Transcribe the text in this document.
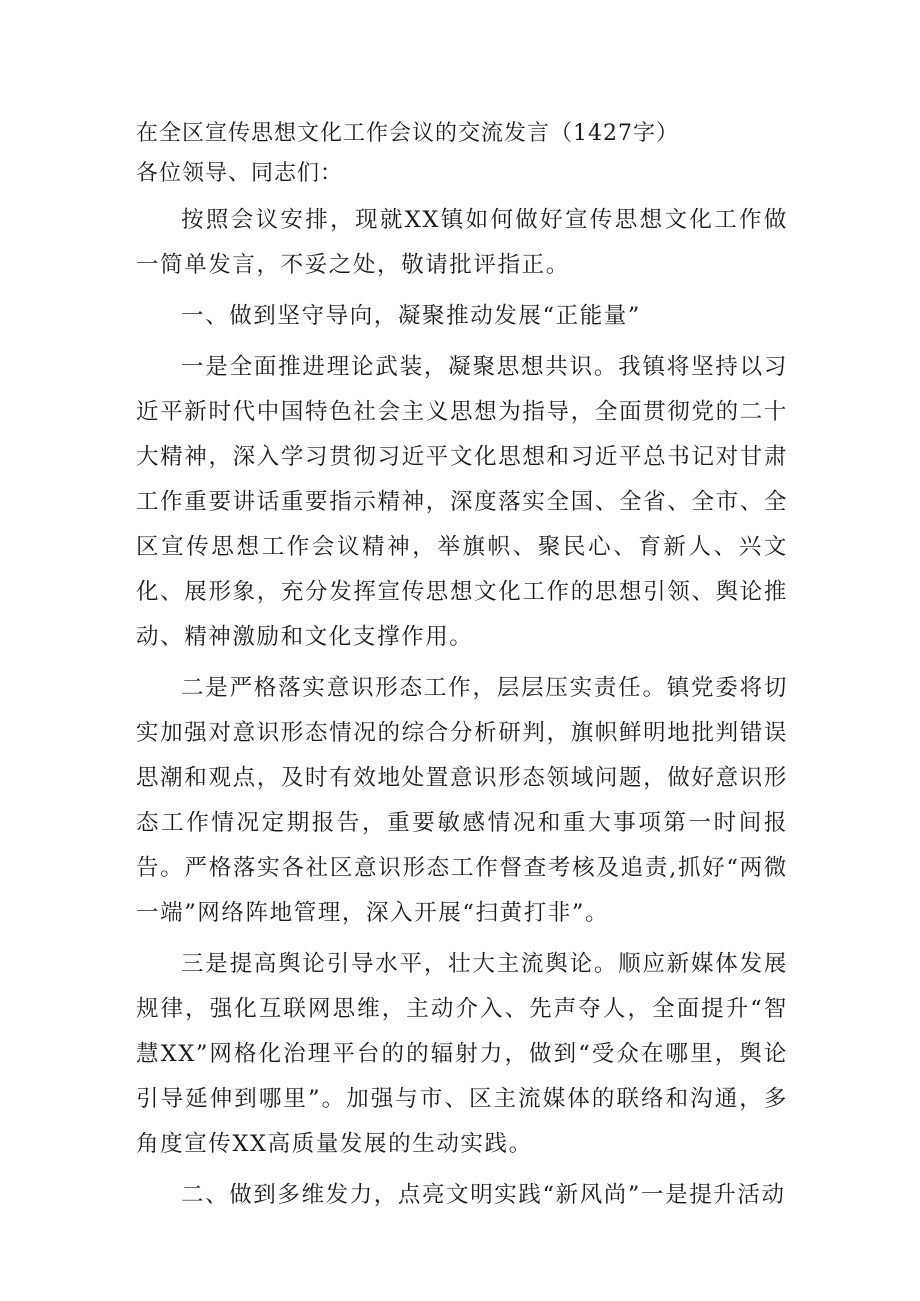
在全区宣传思想文化工作会议的交流发言（1427字）
各位领导、同志们：

按照会议安排，现就XX镇如何做好宣传思想文化工作做一简单发言，不妥之处，敬请批评指正。

一、做到坚守导向，凝聚推动发展“正能量”

一是全面推进理论武装，凝聚思想共识。我镇将坚持以习近平新时代中国特色社会主义思想为指导，全面贯彻党的二十大精神，深入学习贯彻习近平文化思想和习近平总书记对甘肃工作重要讲话重要指示精神，深度落实全国、全省、全市、全区宣传思想工作会议精神，举旗帜、聚民心、育新人、兴文化、展形象，充分发挥宣传思想文化工作的思想引领、舆论推动、精神激励和文化支撑作用。

二是严格落实意识形态工作，层层压实责任。镇党委将切实加强对意识形态情况的综合分析研判，旗帜鲜明地批判错误思潮和观点，及时有效地处置意识形态领域问题，做好意识形态工作情况定期报告，重要敏感情况和重大事项第一时间报告。严格落实各社区意识形态工作督查考核及追责,抓好“两微一端”网络阵地管理，深入开展“扫黄打非”。

三是提高舆论引导水平，壮大主流舆论。顺应新媒体发展规律，强化互联网思维，主动介入、先声夺人，全面提升“智慧XX”网格化治理平台的的辐射力，做到“受众在哪里，舆论引导延伸到哪里”。加强与市、区主流媒体的联络和沟通，多角度宣传XX高质量发展的生动实践。

二、做到多维发力，点亮文明实践“新风尚”一是提升活动
